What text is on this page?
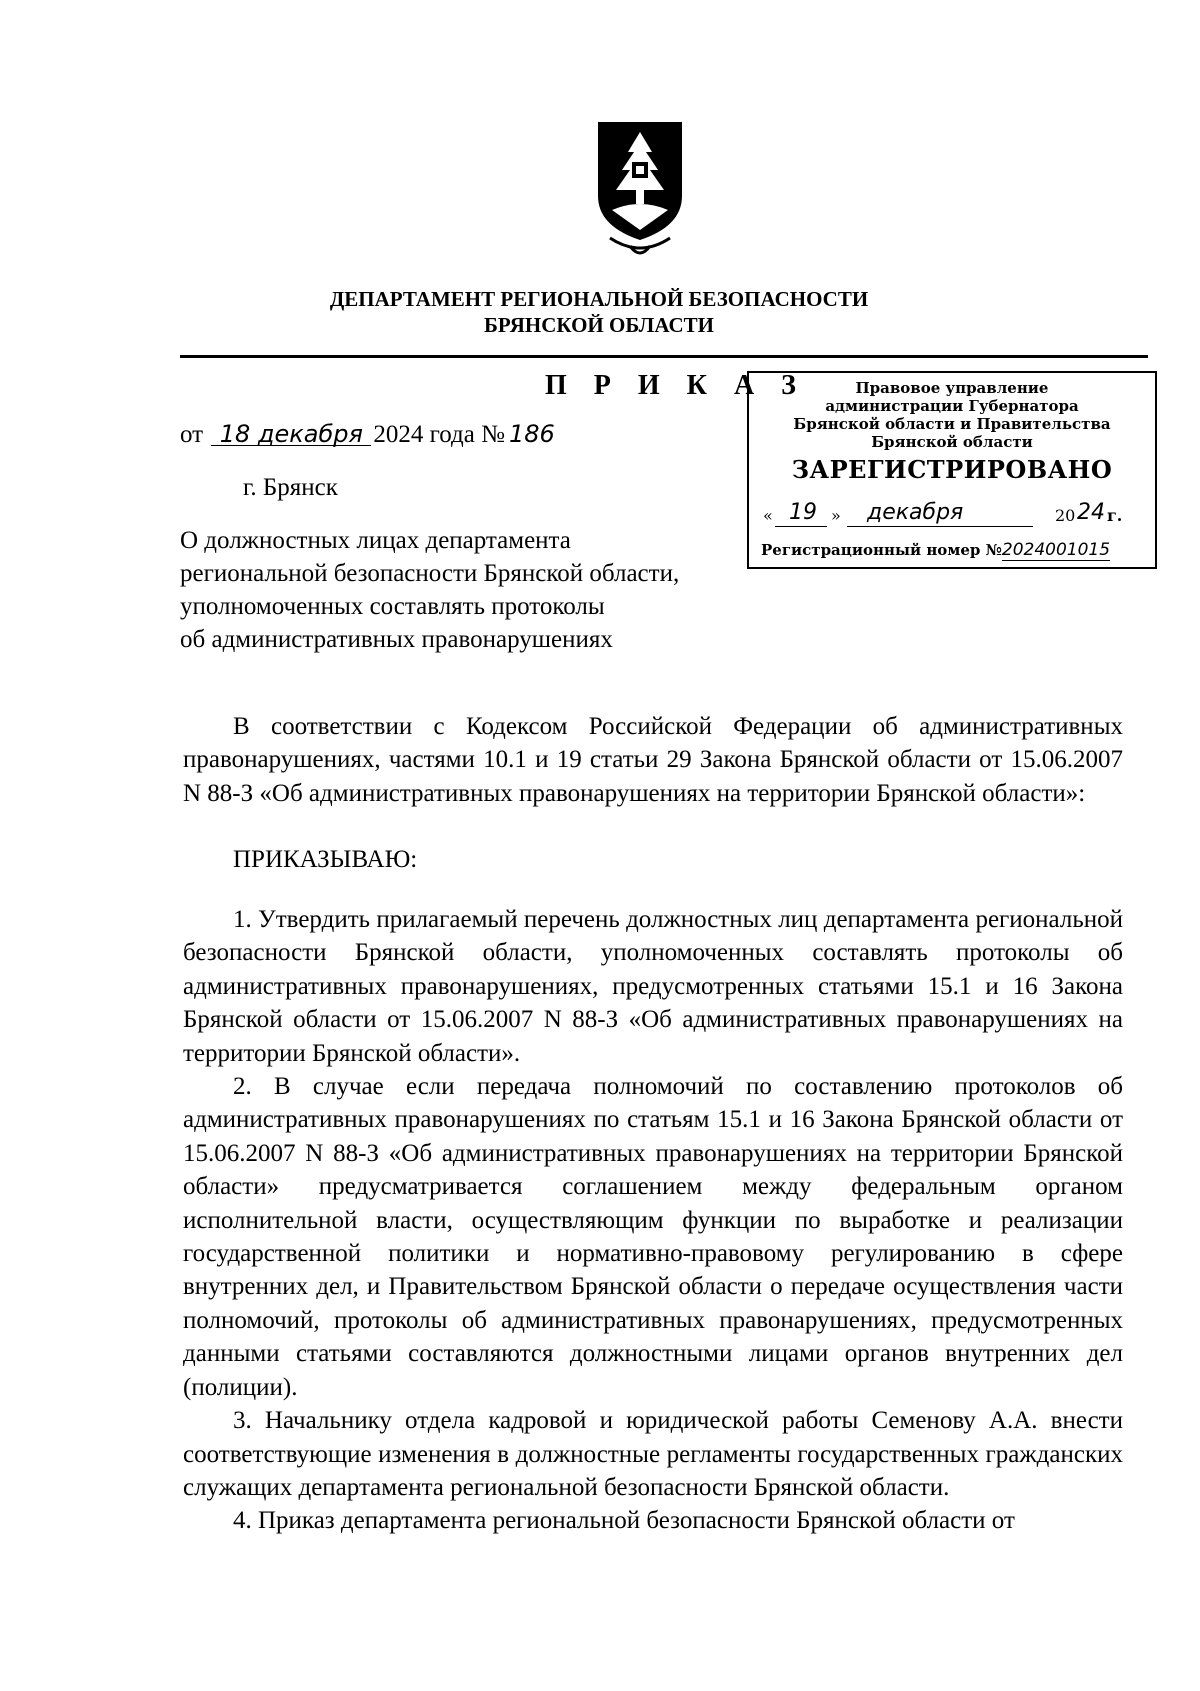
ДЕПАРТАМЕНТ РЕГИОНАЛЬНОЙ БЕЗОПАСНОСТИ
БРЯНСКОЙ ОБЛАСТИ
П Р И К А З
от 18 декабря 2024 года № 186
г. Брянск
О должностных лицах департамента
региональной безопасности Брянской области,
уполномоченных составлять протоколы
об административных правонарушениях
Правовое управление
администрации Губернатора
Брянской области и Правительства
Брянской области
ЗАРЕГИСТРИРОВАНО
« 19 » декабря	20 24 г.
Регистрационный номер №2024001015

В соответствии с Кодексом Российской Федерации об административных правонарушениях, частями 10.1 и 19 статьи 29 Закона Брянской области от 15.06.2007 N 88-З «Об административных правонарушениях на территории Брянской области»:

ПРИКАЗЫВАЮ:

1. Утвердить прилагаемый перечень должностных лиц департамента региональной безопасности Брянской области, уполномоченных составлять протоколы об административных правонарушениях, предусмотренных статьями 15.1 и 16 Закона Брянской области от 15.06.2007 N 88-З «Об административных правонарушениях на территории Брянской области».

2. В случае если передача полномочий по составлению протоколов об административных правонарушениях по статьям 15.1 и 16 Закона Брянской области от 15.06.2007 N 88-З «Об административных правонарушениях на территории Брянской области» предусматривается соглашением между федеральным органом исполнительной власти, осуществляющим функции по выработке и реализации государственной политики и нормативно-правовому регулированию в сфере внутренних дел, и Правительством Брянской области о передаче осуществления части полномочий, протоколы об административных правонарушениях, предусмотренных данными статьями составляются должностными лицами органов внутренних дел (полиции).

3. Начальнику отдела кадровой и юридической работы Семенову А.А. внести соответствующие изменения в должностные регламенты государственных гражданских служащих департамента региональной безопасности Брянской области.

4. Приказ департамента региональной безопасности Брянской области от
